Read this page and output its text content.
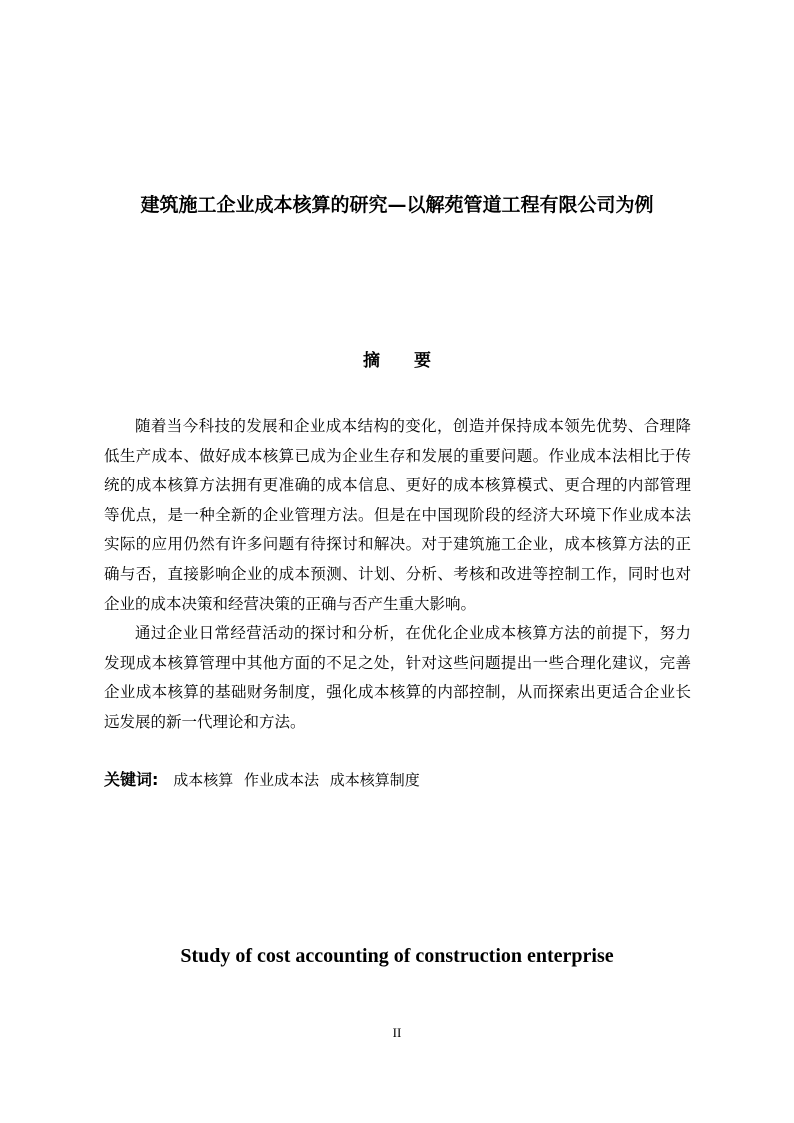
建筑施工企业成本核算的研究—以解苑管道工程有限公司为例
摘 要

随着当今科技的发展和企业成本结构的变化，创造并保持成本领先优势、合理降低生产成本、做好成本核算已成为企业生存和发展的重要问题。作业成本法相比于传统的成本核算方法拥有更准确的成本信息、更好的成本核算模式、更合理的内部管理等优点，是一种全新的企业管理方法。但是在中国现阶段的经济大环境下作业成本法实际的应用仍然有许多问题有待探讨和解决。对于建筑施工企业，成本核算方法的正确与否，直接影响企业的成本预测、计划、分析、考核和改进等控制工作，同时也对企业的成本决策和经营决策的正确与否产生重大影响。

通过企业日常经营活动的探讨和分析，在优化企业成本核算方法的前提下，努力发现成本核算管理中其他方面的不足之处，针对这些问题提出一些合理化建议，完善企业成本核算的基础财务制度，强化成本核算的内部控制，从而探索出更适合企业长远发展的新一代理论和方法。

关键词: 成本核算 作业成本法 成本核算制度
Study of cost accounting of construction enterprise
II
